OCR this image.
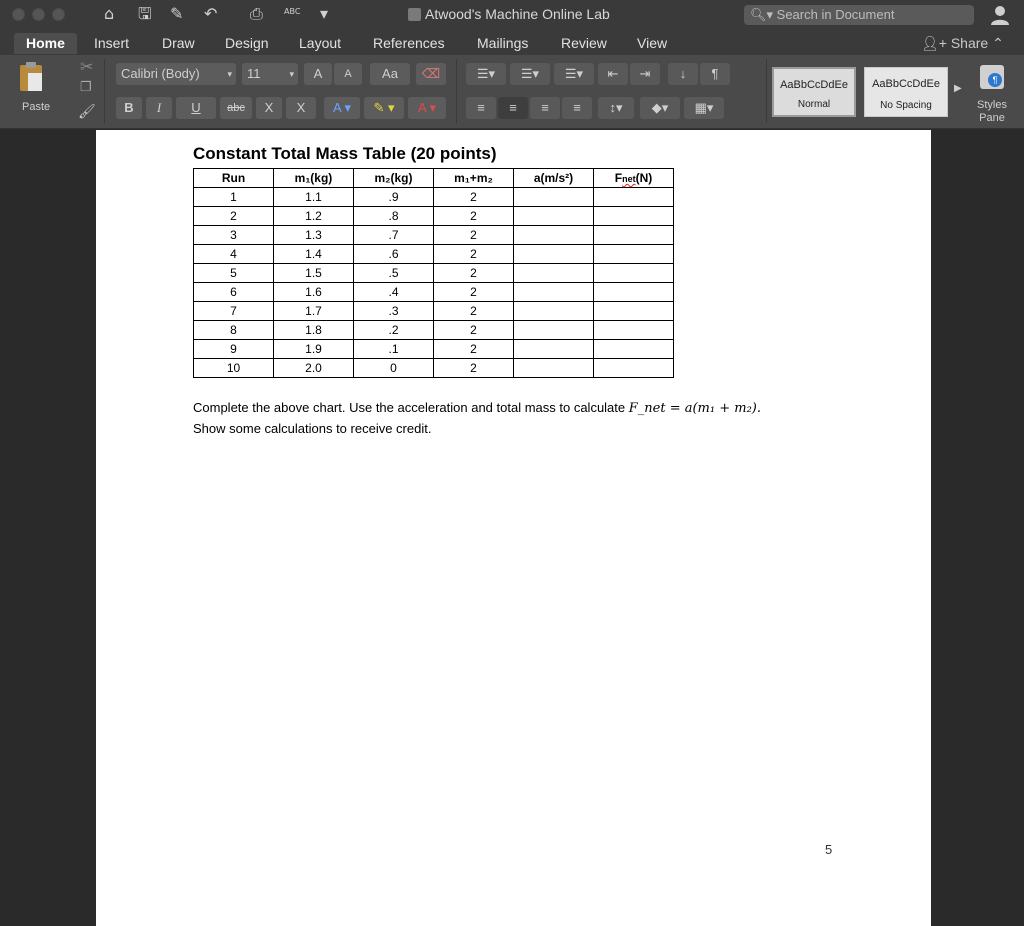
⌂ 🖫 ✎ ↶ ⎙	ABC ▾	Atwood's Machine Online Lab	🔍︎▾ Search in Document
Home	Insert Draw Design Layout References Mailings Review View	👤︎+ Share ⌃
Paste
✂
❐
🖌︎
Calibri (Body)	▾	11	▾	A	A	Aa	⌫
B	I	U	abc	X	X	A ▾	✎ ▾	A ▾
☰▾	☰▾	☰▾	⇤	⇥	↓	¶
≡	≡	≡	≡	↕▾	◆▾	▦▾
AaBbCcDdEe
Normal
AaBbCcDdEe
No Spacing
▶
¶
Styles Pane
Constant Total Mass Table (20 points)
Run	m₁(kg)	m₂(kg)	m₁+m₂	a(m/s²)	Fnet(N)
1	1.1	.9	2		
2	1.2	.8	2		
3	1.3	.7	2		
4	1.4	.6	2		
5	1.5	.5	2		
6	1.6	.4	2		
7	1.7	.3	2		
8	1.8	.2	2		
9	1.9	.1	2		
10	2.0	0	2		
Complete the above chart. Use the acceleration and total mass to calculate F_net = a(m₁ + m₂).
Show some calculations to receive credit.
5
